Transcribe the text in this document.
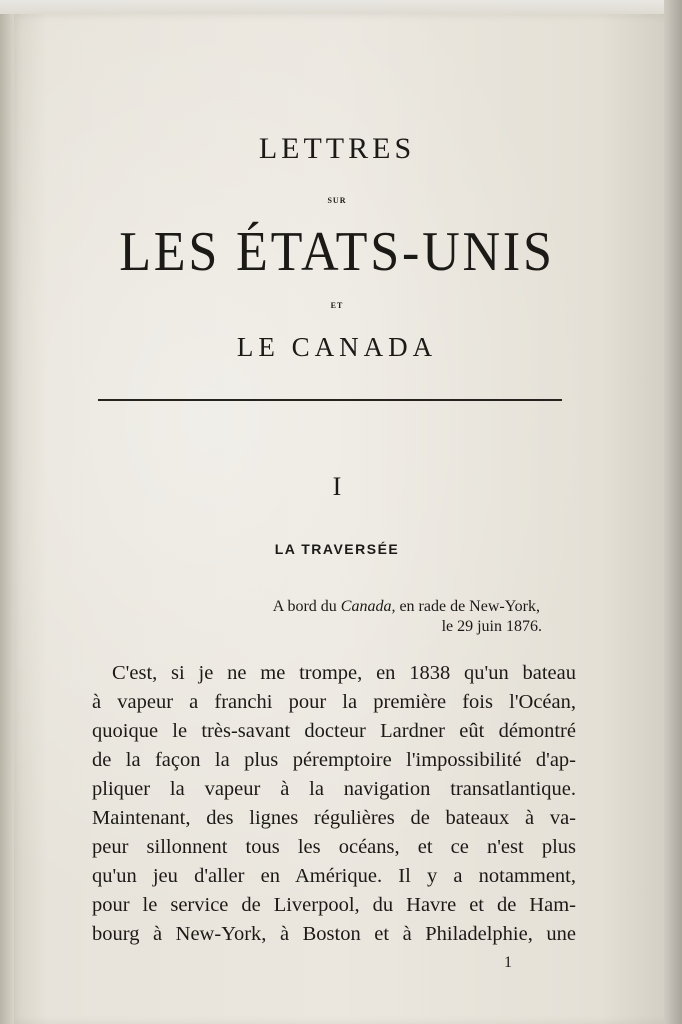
LETTRES
SUR
LES ÉTATS-UNIS
ET
LE CANADA
I
LA TRAVERSÉE
A bord du Canada, en rade de New-York,
le 29 juin 1876.
C'est, si je ne me trompe, en 1838 qu'un bateau
à vapeur a franchi pour la première fois l'Océan,
quoique le très-savant docteur Lardner eût démontré
de la façon la plus péremptoire l'impossibilité d'ap-
pliquer la vapeur à la navigation transatlantique.
Maintenant, des lignes régulières de bateaux à va-
peur sillonnent tous les océans, et ce n'est plus
qu'un jeu d'aller en Amérique. Il y a notamment,
pour le service de Liverpool, du Havre et de Ham-
bourg à New-York, à Boston et à Philadelphie, une
1
